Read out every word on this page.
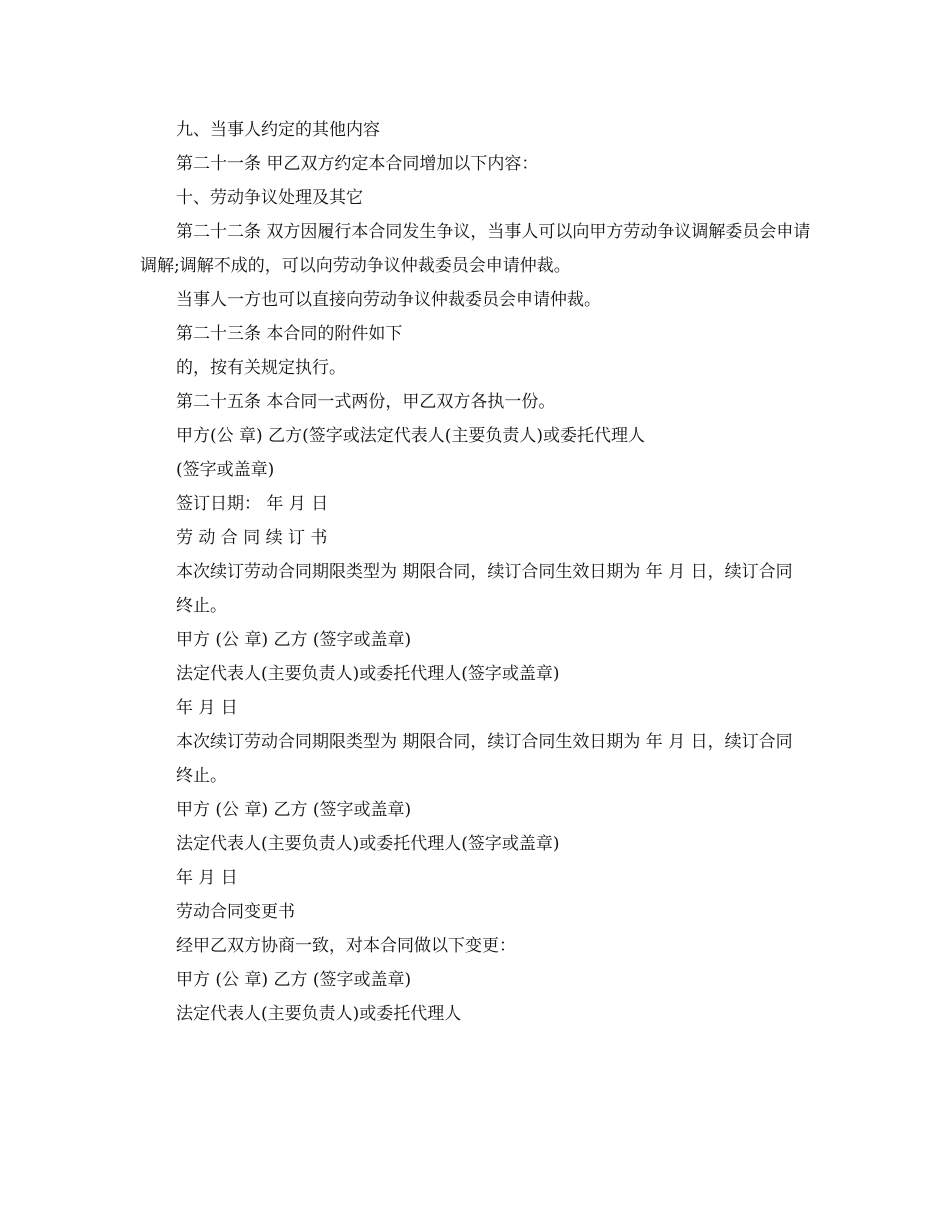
九、当事人约定的其他内容

第二十一条 甲乙双方约定本合同增加以下内容：

十、劳动争议处理及其它

第二十二条 双方因履行本合同发生争议，当事人可以向甲方劳动争议调解委员会申请调解;调解不成的，可以向劳动争议仲裁委员会申请仲裁。

当事人一方也可以直接向劳动争议仲裁委员会申请仲裁。

第二十三条 本合同的附件如下

的，按有关规定执行。

第二十五条 本合同一式两份，甲乙双方各执一份。

甲方(公 章) 乙方(签字或法定代表人(主要负责人)或委托代理人

(签字或盖章)

签订日期： 年 月 日

劳 动 合 同 续 订 书

本次续订劳动合同期限类型为 期限合同，续订合同生效日期为 年 月 日，续订合同

终止。

甲方 (公 章) 乙方 (签字或盖章)

法定代表人(主要负责人)或委托代理人(签字或盖章)

年 月 日

本次续订劳动合同期限类型为 期限合同，续订合同生效日期为 年 月 日，续订合同

终止。

甲方 (公 章) 乙方 (签字或盖章)

法定代表人(主要负责人)或委托代理人(签字或盖章)

年 月 日

劳动合同变更书

经甲乙双方协商一致，对本合同做以下变更：

甲方 (公 章) 乙方 (签字或盖章)

法定代表人(主要负责人)或委托代理人
